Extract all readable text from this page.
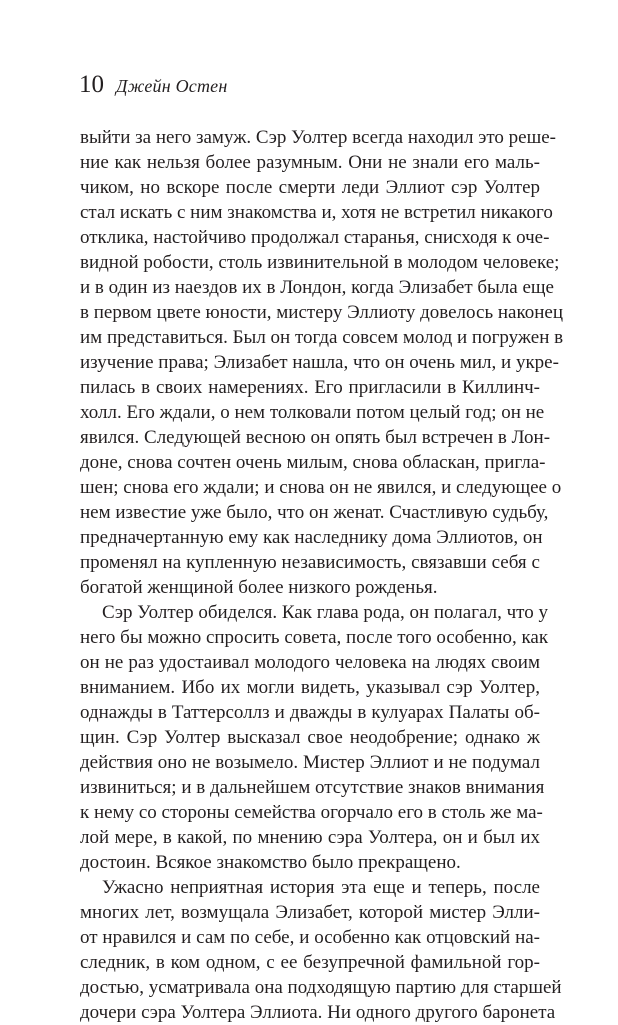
10 Джейн Остен
выйти за него замуж. Сэр Уолтер всегда находил это реше-
ние как нельзя более разумным. Они не знали его маль-
чиком, но вскоре после смерти леди Эллиот сэр Уолтер
стал искать с ним знакомства и, хотя не встретил никакого
отклика, настойчиво продолжал старанья, снисходя к оче-
видной робости, столь извинительной в молодом человеке;
и в один из наездов их в Лондон, когда Элизабет была еще
в первом цвете юности, мистеру Эллиоту довелось наконец
им представиться. Был он тогда совсем молод и погружен в
изучение права; Элизабет нашла, что он очень мил, и укре-
пилась в своих намерениях. Его пригласили в Киллинч-
холл. Его ждали, о нем толковали потом целый год; он не
явился. Следующей весною он опять был встречен в Лон-
доне, снова сочтен очень милым, снова обласкан, пригла-
шен; снова его ждали; и снова он не явился, и следующее о
нем известие уже было, что он женат. Счастливую судьбу,
предначертанную ему как наследнику дома Эллиотов, он
променял на купленную независимость, связавши себя с
богатой женщиной более низкого рожденья.
Сэр Уолтер обиделся. Как глава рода, он полагал, что у
него бы можно спросить совета, после того особенно, как
он не раз удостаивал молодого человека на людях своим
вниманием. Ибо их могли видеть, указывал сэр Уолтер,
однажды в Таттерсоллз и дважды в кулуарах Палаты об-
щин. Сэр Уолтер высказал свое неодобрение; однако ж
действия оно не возымело. Мистер Эллиот и не подумал
извиниться; и в дальнейшем отсутствие знаков внимания
к нему со стороны семейства огорчало его в столь же ма-
лой мере, в какой, по мнению сэра Уолтера, он и был их
достоин. Всякое знакомство было прекращено.
Ужасно неприятная история эта еще и теперь, после
многих лет, возмущала Элизабет, которой мистер Элли-
от нравился и сам по себе, и особенно как отцовский на-
следник, в ком одном, с ее безупречной фамильной гор-
достью, усматривала она подходящую партию для старшей
дочери сэра Уолтера Эллиота. Ни одного другого баронета
